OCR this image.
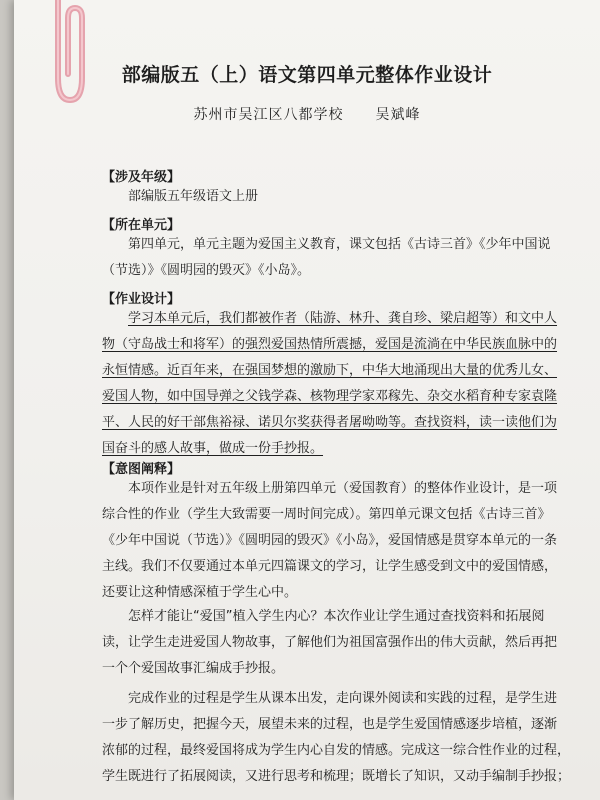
部编版五（上）语文第四单元整体作业设计
苏州市吴江区八都学校 吴斌峰
【涉及年级】
部编版五年级语文上册
【所在单元】
第四单元，单元主题为爱国主义教育，课文包括《古诗三首》《少年中国说
（节选）》《圆明园的毁灭》《小岛》。
【作业设计】
学习本单元后，我们都被作者（陆游、林升、龚自珍、梁启超等）和文中人
物（守岛战士和将军）的强烈爱国热情所震撼，爱国是流淌在中华民族血脉中的
永恒情感。近百年来，在强国梦想的激励下，中华大地涌现出大量的优秀儿女、
爱国人物，如中国导弹之父钱学森、核物理学家邓稼先、杂交水稻育种专家袁隆
平、人民的好干部焦裕禄、诺贝尔奖获得者屠呦呦等。查找资料，读一读他们为
国奋斗的感人故事，做成一份手抄报。
【意图阐释】
本项作业是针对五年级上册第四单元（爱国教育）的整体作业设计，是一项
综合性的作业（学生大致需要一周时间完成）。第四单元课文包括《古诗三首》
《少年中国说（节选）》《圆明园的毁灭》《小岛》，爱国情感是贯穿本单元的一条
主线。我们不仅要通过本单元四篇课文的学习，让学生感受到文中的爱国情感，
还要让这种情感深植于学生心中。
怎样才能让“爱国”植入学生内心？本次作业让学生通过查找资料和拓展阅
读，让学生走进爱国人物故事，了解他们为祖国富强作出的伟大贡献，然后再把
一个个爱国故事汇编成手抄报。
完成作业的过程是学生从课本出发，走向课外阅读和实践的过程，是学生进
一步了解历史，把握今天，展望未来的过程，也是学生爱国情感逐步培植，逐渐
浓郁的过程，最终爱国将成为学生内心自发的情感。完成这一综合性作业的过程，
学生既进行了拓展阅读，又进行思考和梳理；既增长了知识，又动手编制手抄报；
